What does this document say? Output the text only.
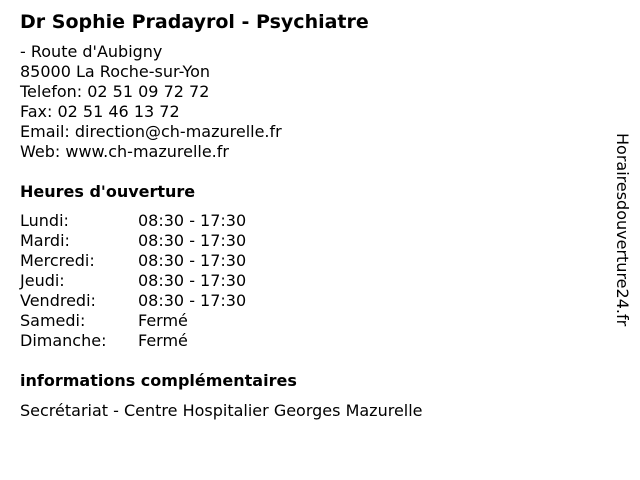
Dr Sophie Pradayrol - Psychiatre
- Route d'Aubigny
85000 La Roche-sur-Yon
Telefon: 02 51 09 72 72
Fax: 02 51 46 13 72
Email: direction@ch-mazurelle.fr
Web: www.ch-mazurelle.fr
Heures d'ouverture
Lundi:	08:30 - 17:30
Mardi:	08:30 - 17:30
Mercredi:	08:30 - 17:30
Jeudi:	08:30 - 17:30
Vendredi:	08:30 - 17:30
Samedi:	Fermé
Dimanche:	Fermé
informations complémentaires
Secrétariat - Centre Hospitalier Georges Mazurelle
Horairesdouverture24.fr
